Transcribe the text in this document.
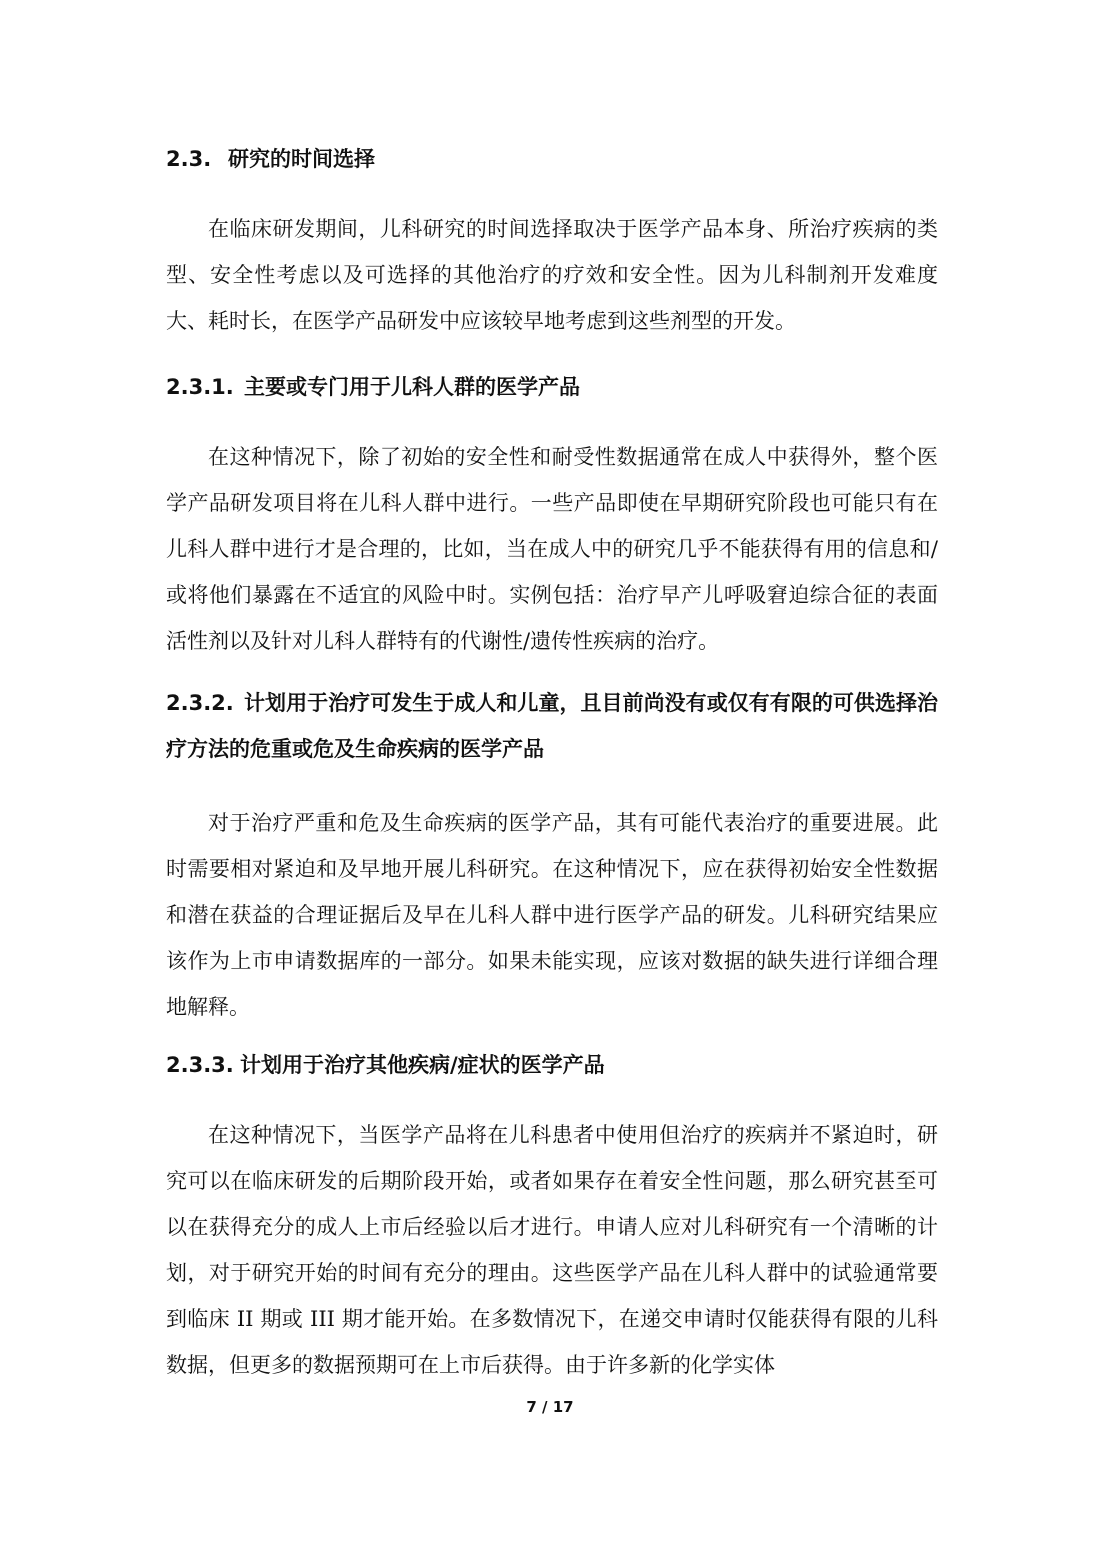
2.3. 研究的时间选择

在临床研发期间，儿科研究的时间选择取决于医学产品本身、所治疗疾病的类型、安全性考虑以及可选择的其他治疗的疗效和安全性。因为儿科制剂开发难度大、耗时长，在医学产品研发中应该较早地考虑到这些剂型的开发。

2.3.1. 主要或专门用于儿科人群的医学产品

在这种情况下，除了初始的安全性和耐受性数据通常在成人中获得外，整个医学产品研发项目将在儿科人群中进行。一些产品即使在早期研究阶段也可能只有在儿科人群中进行才是合理的，比如，当在成人中的研究几乎不能获得有用的信息和/或将他们暴露在不适宜的风险中时。实例包括：治疗早产儿呼吸窘迫综合征的表面活性剂以及针对儿科人群特有的代谢性/遗传性疾病的治疗。

2.3.2. 计划用于治疗可发生于成人和儿童，且目前尚没有或仅有有限的可供选择治疗方法的危重或危及生命疾病的医学产品

对于治疗严重和危及生命疾病的医学产品，其有可能代表治疗的重要进展。此时需要相对紧迫和及早地开展儿科研究。在这种情况下，应在获得初始安全性数据和潜在获益的合理证据后及早在儿科人群中进行医学产品的研发。儿科研究结果应该作为上市申请数据库的一部分。如果未能实现，应该对数据的缺失进行详细合理地解释。

2.3.3. 计划用于治疗其他疾病/症状的医学产品

在这种情况下，当医学产品将在儿科患者中使用但治疗的疾病并不紧迫时，研究可以在临床研发的后期阶段开始，或者如果存在着安全性问题，那么研究甚至可以在获得充分的成人上市后经验以后才进行。申请人应对儿科研究有一个清晰的计划，对于研究开始的时间有充分的理由。这些医学产品在儿科人群中的试验通常要到临床 II 期或 III 期才能开始。在多数情况下，在递交申请时仅能获得有限的儿科数据，但更多的数据预期可在上市后获得。由于许多新的化学实体

7 / 17
